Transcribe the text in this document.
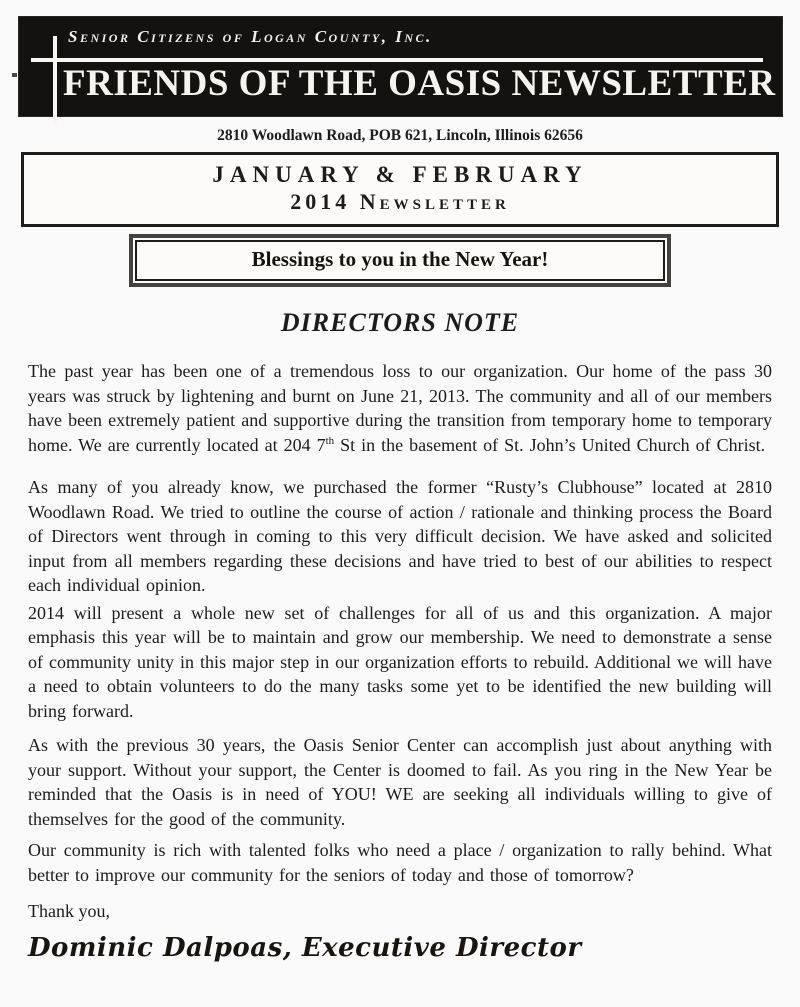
Senior Citizens of Logan County, Inc.
FRIENDS OF THE OASIS NEWSLETTER
2810 Woodlawn Road, POB 621, Lincoln, Illinois 62656
JANUARY & FEBRUARY
2014 Newsletter
Blessings to you in the New Year!
DIRECTORS NOTE

The past year has been one of a tremendous loss to our organization. Our home of the pass 30 years was struck by lightening and burnt on June 21, 2013. The community and all of our members have been extremely patient and supportive during the transition from temporary home to temporary home. We are currently located at 204 7th St in the basement of St. John’s United Church of Christ.

As many of you already know, we purchased the former “Rusty’s Clubhouse” located at 2810 Woodlawn Road. We tried to outline the course of action / rationale and thinking process the Board of Directors went through in coming to this very difficult decision. We have asked and solicited input from all members regarding these decisions and have tried to best of our abilities to respect each individual opinion.

2014 will present a whole new set of challenges for all of us and this organization. A major emphasis this year will be to maintain and grow our membership. We need to demonstrate a sense of community unity in this major step in our organization efforts to rebuild. Additional we will have a need to obtain volunteers to do the many tasks some yet to be identified the new building will bring forward.

As with the previous 30 years, the Oasis Senior Center can accomplish just about anything with your support. Without your support, the Center is doomed to fail. As you ring in the New Year be reminded that the Oasis is in need of YOU! WE are seeking all individuals willing to give of themselves for the good of the community.

Our community is rich with talented folks who need a place / organization to rally behind. What better to improve our community for the seniors of today and those of tomorrow?

Thank you,
Dominic Dalpoas, Executive Director
